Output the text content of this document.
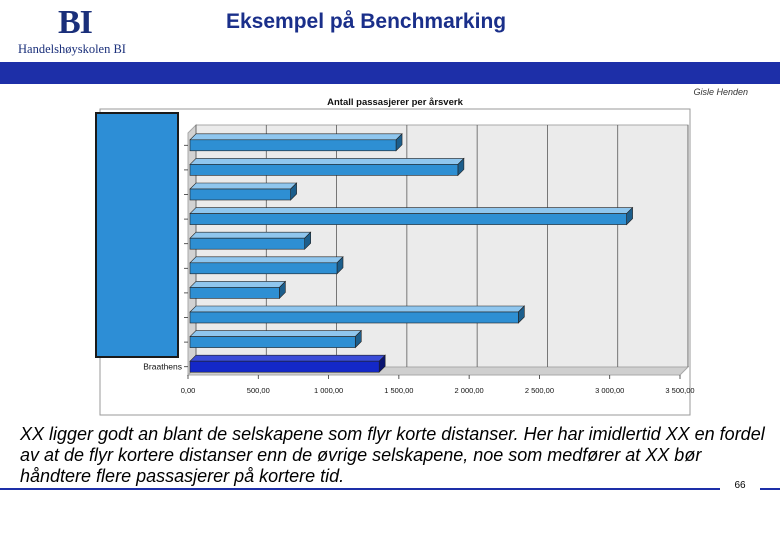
BI
Handelshøyskolen BI
Eksempel på Benchmarking
Gisle Henden
Antall passasjerer per årsverk
Braathens
0,00	500,00	1 000,00	1 500,00	2 000,00	2 500,00	3 000,00	3 500,00
XX ligger godt an blant de selskapene som flyr korte distanser. Her har imidlertid XX en fordel av at de flyr kortere distanser enn de øvrige selskapene, noe som medfører at XX bør håndtere flere passasjerer på kortere tid.	66
